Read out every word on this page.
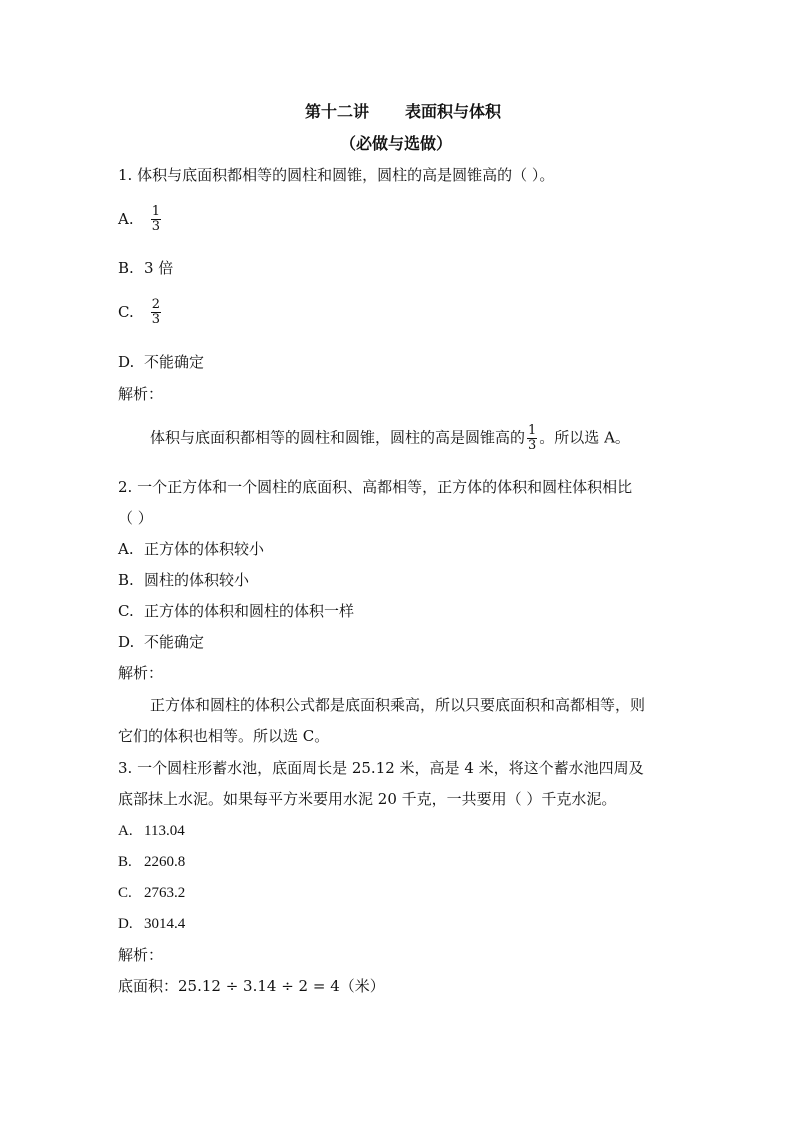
第十二讲 表面积与体积
（必做与选做）
1. 体积与底面积都相等的圆柱和圆锥，圆柱的高是圆锥高的（ ）。
A. $\frac{1}{3}$
B. 3 倍
C. $\frac{2}{3}$
D. 不能确定
解析：
体积与底面积都相等的圆柱和圆锥，圆柱的高是圆锥高的 $\frac{1}{3}$ 。所以选 A。
2. 一个正方体和一个圆柱的底面积、高都相等，正方体的体积和圆柱体积相比
（ ）
A. 正方体的体积较小
B. 圆柱的体积较小
C. 正方体的体积和圆柱的体积一样
D. 不能确定
解析：
正方体和圆柱的体积公式都是底面积乘高，所以只要底面积和高都相等，则
它们的体积也相等。所以选 C。
3. 一个圆柱形蓄水池，底面周长是 25.12 米，高是 4 米，将这个蓄水池四周及
底部抹上水泥。如果每平方米要用水泥 20 千克，一共要用（ ）千克水泥。
A. 113.04
B. 2260.8
C. 2763.2
D. 3014.4
解析：
底面积：25.12 ÷ 3.14 ÷ 2 = 4（米）
